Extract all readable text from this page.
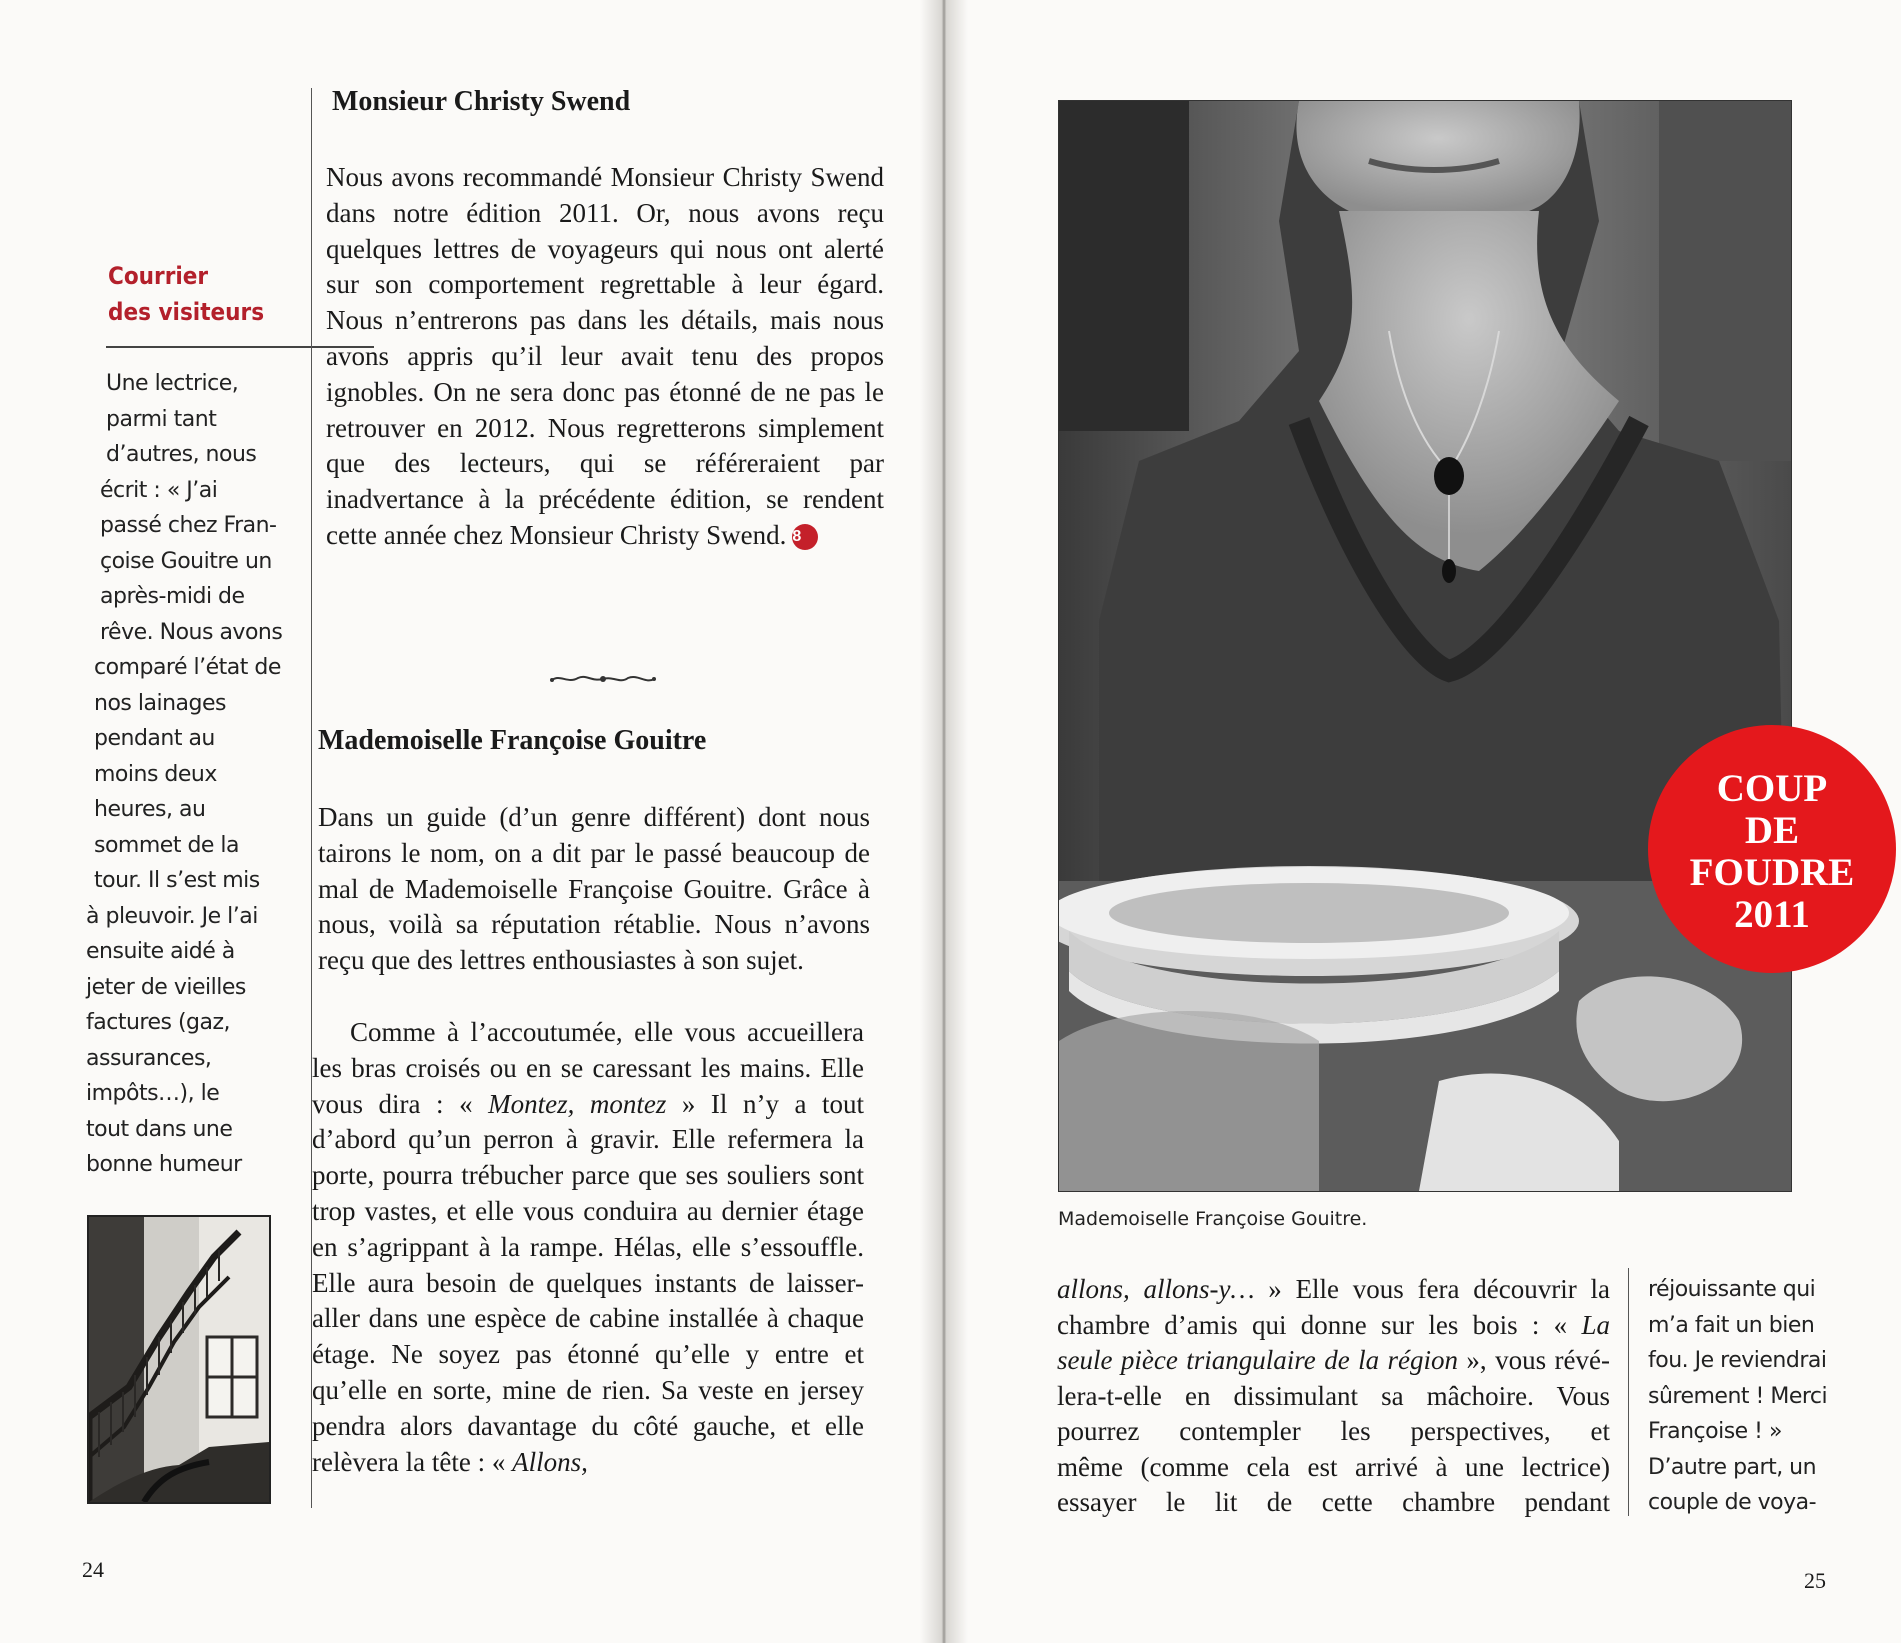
Courrier
des visiteurs

Une lectrice,
parmi tant
d’autres, nous
écrit : « J’ai
passé chez Fran-
çoise Gouitre un
après-midi de
rêve. Nous avons
comparé l’état de
nos lainages
pendant au
moins deux
heures, au
sommet de la
tour. Il s’est mis
à pleuvoir. Je l’ai
ensuite aidé à
jeter de vieilles
factures (gaz,
assurances,
impôts…), le
tout dans une
bonne humeur
Monsieur Christy Swend

Nous avons recommandé Monsieur Christy Swend dans notre édition 2011. Or, nous avons reçu quelques lettres de voyageurs qui nous ont alerté sur son comportement regrettable à leur égard. Nous n’entrerons pas dans les détails, mais nous avons appris qu’il leur avait tenu des propos ignobles. On ne sera donc pas étonné de ne pas le retrouver en 2012. Nous regretterons simplement que des lecteurs, qui se référeraient par inadvertance à la précédente édition, se rendent cette année chez Monsieur Christy Swend. 8

Mademoiselle Françoise Gouitre

Dans un guide (d’un genre différent) dont nous tairons le nom, on a dit par le passé beaucoup de mal de Mademoiselle Françoise Gouitre. Grâce à nous, voilà sa réputation rétablie. Nous n’avons reçu que des lettres enthousiastes à son sujet.

Comme à l’accoutumée, elle vous accueillera les bras croisés ou en se caressant les mains. Elle vous dira : « Montez, montez » Il n’y a tout d’abord qu’un perron à gravir. Elle refermera la porte, pourra trébucher parce que ses souliers sont trop vastes, et elle vous conduira au dernier étage en s’agrippant à la rampe. Hélas, elle s’essouffle. Elle aura besoin de quelques instants de laisser-aller dans une espèce de cabine installée à chaque étage. Ne soyez pas étonné qu’elle y entre et qu’elle en sorte, mine de rien. Sa veste en jersey pendra alors davantage du côté gauche, et elle relèvera la tête : « Allons,

24
COUP
DE
FOUDRE
2011
Mademoiselle Françoise Gouitre.
allons, allons-y… » Elle vous fera découvrir la
chambre d’amis qui donne sur les bois : « La
seule pièce triangulaire de la région », vous révé-
lera-t-elle en dissimulant sa mâchoire. Vous
pourrez contempler les perspectives, et
même (comme cela est arrivé à une lectrice)
essayer le lit de cette chambre pendant
réjouissante qui
m’a fait un bien
fou. Je reviendrai
sûrement ! Merci
Françoise ! »
D’autre part, un
couple de voya-
25
